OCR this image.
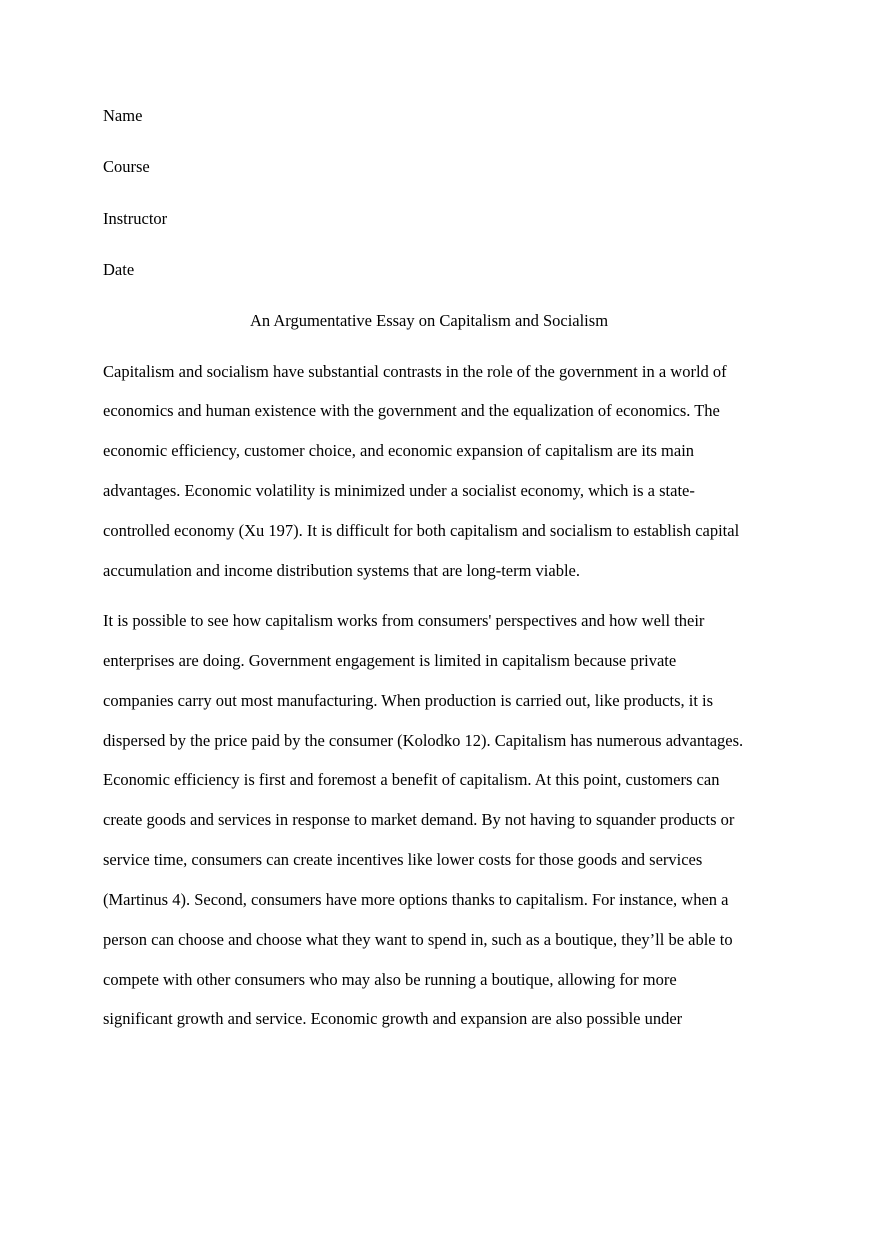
Name
Course
Instructor
Date
An Argumentative Essay on Capitalism and Socialism
Capitalism and socialism have substantial contrasts in the role of the government in a world of
economics and human existence with the government and the equalization of economics. The
economic efficiency, customer choice, and economic expansion of capitalism are its main
advantages. Economic volatility is minimized under a socialist economy, which is a state-
controlled economy (Xu 197). It is difficult for both capitalism and socialism to establish capital
accumulation and income distribution systems that are long-term viable.
It is possible to see how capitalism works from consumers' perspectives and how well their
enterprises are doing. Government engagement is limited in capitalism because private
companies carry out most manufacturing. When production is carried out, like products, it is
dispersed by the price paid by the consumer (Kolodko 12). Capitalism has numerous advantages.
Economic efficiency is first and foremost a benefit of capitalism. At this point, customers can
create goods and services in response to market demand. By not having to squander products or
service time, consumers can create incentives like lower costs for those goods and services
(Martinus 4). Second, consumers have more options thanks to capitalism. For instance, when a
person can choose and choose what they want to spend in, such as a boutique, they’ll be able to
compete with other consumers who may also be running a boutique, allowing for more
significant growth and service. Economic growth and expansion are also possible under
